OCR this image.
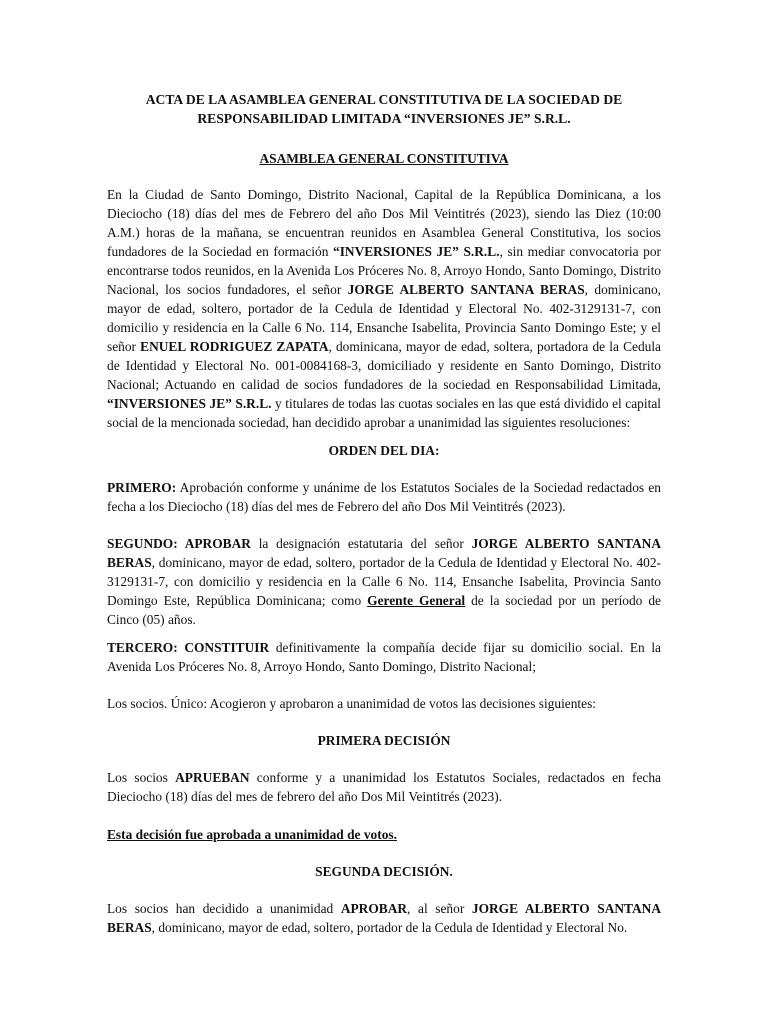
ACTA DE LA ASAMBLEA GENERAL CONSTITUTIVA DE LA SOCIEDAD DE
RESPONSABILIDAD LIMITADA “INVERSIONES JE” S.R.L.
ASAMBLEA GENERAL CONSTITUTIVA
En la Ciudad de Santo Domingo, Distrito Nacional, Capital de la República Dominicana, a los Dieciocho (18) días del mes de Febrero del año Dos Mil Veintitrés (2023), siendo las Diez (10:00 A.M.) horas de la mañana, se encuentran reunidos en Asamblea General Constitutiva, los socios fundadores de la Sociedad en formación “INVERSIONES JE” S.R.L., sin mediar convocatoria por encontrarse todos reunidos, en la Avenida Los Próceres No. 8, Arroyo Hondo, Santo Domingo, Distrito Nacional, los socios fundadores, el señor JORGE ALBERTO SANTANA BERAS, dominicano, mayor de edad, soltero, portador de la Cedula de Identidad y Electoral No. 402-3129131-7, con domicilio y residencia en la Calle 6 No. 114, Ensanche Isabelita, Provincia Santo Domingo Este; y el señor ENUEL RODRIGUEZ ZAPATA, dominicana, mayor de edad, soltera, portadora de la Cedula de Identidad y Electoral No. 001-0084168-3, domiciliado y residente en Santo Domingo, Distrito Nacional; Actuando en calidad de socios fundadores de la sociedad en Responsabilidad Limitada, “INVERSIONES JE” S.R.L. y titulares de todas las cuotas sociales en las que está dividido el capital social de la mencionada sociedad, han decidido aprobar a unanimidad las siguientes resoluciones:
ORDEN DEL DIA:
PRIMERO: Aprobación conforme y unánime de los Estatutos Sociales de la Sociedad redactados en fecha a los Dieciocho (18) días del mes de Febrero del año Dos Mil Veintitrés (2023).
SEGUNDO: APROBAR la designación estatutaria del señor JORGE ALBERTO SANTANA BERAS, dominicano, mayor de edad, soltero, portador de la Cedula de Identidad y Electoral No. 402-3129131-7, con domicilio y residencia en la Calle 6 No. 114, Ensanche Isabelita, Provincia Santo Domingo Este, República Dominicana; como Gerente General de la sociedad por un período de Cinco (05) años.
TERCERO: CONSTITUIR definitivamente la compañía decide fijar su domicilio social. En la Avenida Los Próceres No. 8, Arroyo Hondo, Santo Domingo, Distrito Nacional;
Los socios. Único: Acogieron y aprobaron a unanimidad de votos las decisiones siguientes:
PRIMERA DECISIÓN
Los socios APRUEBAN conforme y a unanimidad los Estatutos Sociales, redactados en fecha Dieciocho (18) días del mes de febrero del año Dos Mil Veintitrés (2023).
Esta decisión fue aprobada a unanimidad de votos.
SEGUNDA DECISIÓN.
Los socios han decidido a unanimidad APROBAR, al señor JORGE ALBERTO SANTANA BERAS, dominicano, mayor de edad, soltero, portador de la Cedula de Identidad y Electoral No.
